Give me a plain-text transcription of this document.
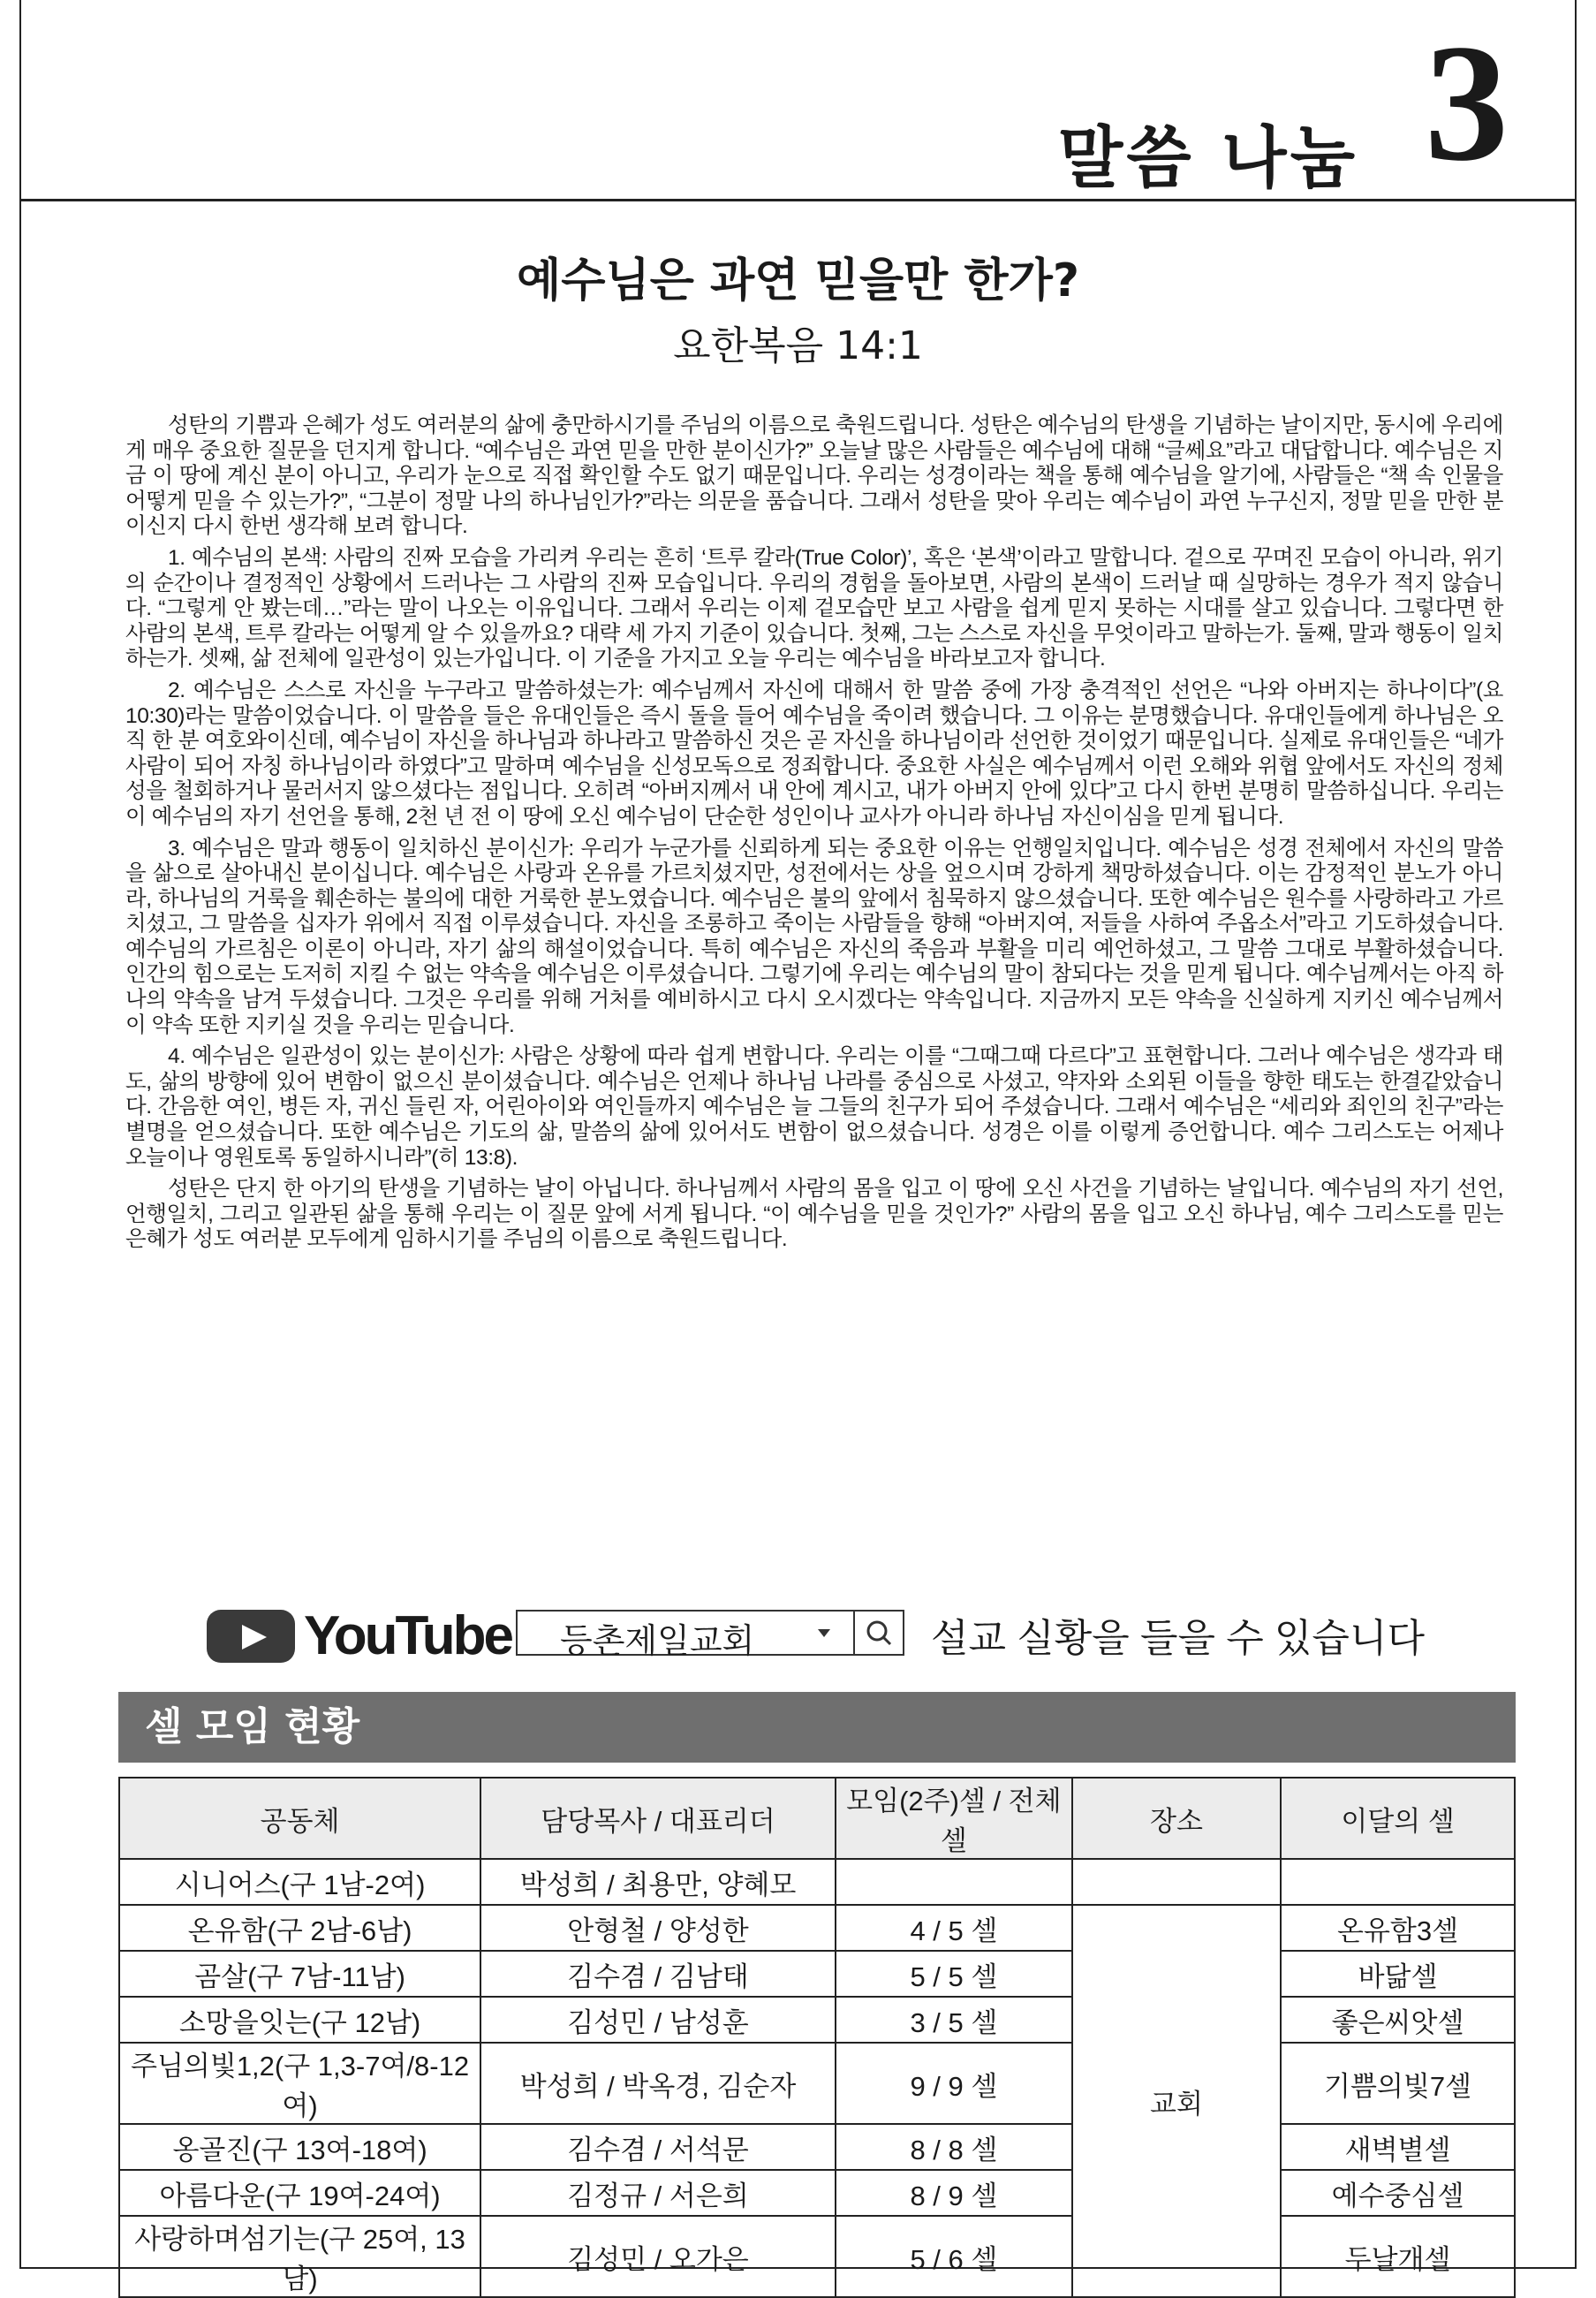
말씀 나눔 3
예수님은 과연 믿을만 한가?
요한복음 14:1

성탄의 기쁨과 은혜가 성도 여러분의 삶에 충만하시기를 주님의 이름으로 축원드립니다. 성탄은 예수님의 탄생을 기념하는 날이지만, 동시에 우리에게 매우 중요한 질문을 던지게 합니다. “예수님은 과연 믿을 만한 분이신가?” 오늘날 많은 사람들은 예수님에 대해 “글쎄요”라고 대답합니다. 예수님은 지금 이 땅에 계신 분이 아니고, 우리가 눈으로 직접 확인할 수도 없기 때문입니다. 우리는 성경이라는 책을 통해 예수님을 알기에, 사람들은 “책 속 인물을 어떻게 믿을 수 있는가?”, “그분이 정말 나의 하나님인가?”라는 의문을 품습니다. 그래서 성탄을 맞아 우리는 예수님이 과연 누구신지, 정말 믿을 만한 분이신지 다시 한번 생각해 보려 합니다.

1. 예수님의 본색: 사람의 진짜 모습을 가리켜 우리는 흔히 ‘트루 칼라(True Color)’, 혹은 ‘본색’이라고 말합니다. 겉으로 꾸며진 모습이 아니라, 위기의 순간이나 결정적인 상황에서 드러나는 그 사람의 진짜 모습입니다. 우리의 경험을 돌아보면, 사람의 본색이 드러날 때 실망하는 경우가 적지 않습니다. “그렇게 안 봤는데…”라는 말이 나오는 이유입니다. 그래서 우리는 이제 겉모습만 보고 사람을 쉽게 믿지 못하는 시대를 살고 있습니다. 그렇다면 한 사람의 본색, 트루 칼라는 어떻게 알 수 있을까요? 대략 세 가지 기준이 있습니다. 첫째, 그는 스스로 자신을 무엇이라고 말하는가. 둘째, 말과 행동이 일치하는가. 셋째, 삶 전체에 일관성이 있는가입니다. 이 기준을 가지고 오늘 우리는 예수님을 바라보고자 합니다.

2. 예수님은 스스로 자신을 누구라고 말씀하셨는가: 예수님께서 자신에 대해서 한 말씀 중에 가장 충격적인 선언은 “나와 아버지는 하나이다”(요 10:30)라는 말씀이었습니다. 이 말씀을 들은 유대인들은 즉시 돌을 들어 예수님을 죽이려 했습니다. 그 이유는 분명했습니다. 유대인들에게 하나님은 오직 한 분 여호와이신데, 예수님이 자신을 하나님과 하나라고 말씀하신 것은 곧 자신을 하나님이라 선언한 것이었기 때문입니다. 실제로 유대인들은 “네가 사람이 되어 자칭 하나님이라 하였다”고 말하며 예수님을 신성모독으로 정죄합니다. 중요한 사실은 예수님께서 이런 오해와 위협 앞에서도 자신의 정체성을 철회하거나 물러서지 않으셨다는 점입니다. 오히려 “아버지께서 내 안에 계시고, 내가 아버지 안에 있다”고 다시 한번 분명히 말씀하십니다. 우리는 이 예수님의 자기 선언을 통해, 2천 년 전 이 땅에 오신 예수님이 단순한 성인이나 교사가 아니라 하나님 자신이심을 믿게 됩니다.

3. 예수님은 말과 행동이 일치하신 분이신가: 우리가 누군가를 신뢰하게 되는 중요한 이유는 언행일치입니다. 예수님은 성경 전체에서 자신의 말씀을 삶으로 살아내신 분이십니다. 예수님은 사랑과 온유를 가르치셨지만, 성전에서는 상을 엎으시며 강하게 책망하셨습니다. 이는 감정적인 분노가 아니라, 하나님의 거룩을 훼손하는 불의에 대한 거룩한 분노였습니다. 예수님은 불의 앞에서 침묵하지 않으셨습니다. 또한 예수님은 원수를 사랑하라고 가르치셨고, 그 말씀을 십자가 위에서 직접 이루셨습니다. 자신을 조롱하고 죽이는 사람들을 향해 “아버지여, 저들을 사하여 주옵소서”라고 기도하셨습니다. 예수님의 가르침은 이론이 아니라, 자기 삶의 해설이었습니다. 특히 예수님은 자신의 죽음과 부활을 미리 예언하셨고, 그 말씀 그대로 부활하셨습니다. 인간의 힘으로는 도저히 지킬 수 없는 약속을 예수님은 이루셨습니다. 그렇기에 우리는 예수님의 말이 참되다는 것을 믿게 됩니다. 예수님께서는 아직 하나의 약속을 남겨 두셨습니다. 그것은 우리를 위해 거처를 예비하시고 다시 오시겠다는 약속입니다. 지금까지 모든 약속을 신실하게 지키신 예수님께서 이 약속 또한 지키실 것을 우리는 믿습니다.

4. 예수님은 일관성이 있는 분이신가: 사람은 상황에 따라 쉽게 변합니다. 우리는 이를 “그때그때 다르다”고 표현합니다. 그러나 예수님은 생각과 태도, 삶의 방향에 있어 변함이 없으신 분이셨습니다. 예수님은 언제나 하나님 나라를 중심으로 사셨고, 약자와 소외된 이들을 향한 태도는 한결같았습니다. 간음한 여인, 병든 자, 귀신 들린 자, 어린아이와 여인들까지 예수님은 늘 그들의 친구가 되어 주셨습니다. 그래서 예수님은 “세리와 죄인의 친구”라는 별명을 얻으셨습니다. 또한 예수님은 기도의 삶, 말씀의 삶에 있어서도 변함이 없으셨습니다. 성경은 이를 이렇게 증언합니다. 예수 그리스도는 어제나 오늘이나 영원토록 동일하시니라”(히 13:8).

성탄은 단지 한 아기의 탄생을 기념하는 날이 아닙니다. 하나님께서 사람의 몸을 입고 이 땅에 오신 사건을 기념하는 날입니다. 예수님의 자기 선언, 언행일치, 그리고 일관된 삶을 통해 우리는 이 질문 앞에 서게 됩니다. “이 예수님을 믿을 것인가?” 사람의 몸을 입고 오신 하나님, 예수 그리스도를 믿는 은혜가 성도 여러분 모두에게 임하시기를 주님의 이름으로 축원드립니다.

YouTube 등촌제일교회	설교 실황을 들을 수 있습니다
셀 모임 현황
공동체	담당목사 / 대표리더	모임(2주)셀 / 전체셀	장소	이달의 셀
시니어스(구 1남-2여)	박성희 / 최용만, 양혜모			
온유함(구 2남-6남)	안형철 / 양성한	4 / 5 셀	교회	온유함3셀
곰살(구 7남-11남)	김수겸 / 김남태	5 / 5 셀		바닮셀
소망을잇는(구 12남)	김성민 / 남성훈	3 / 5 셀		좋은씨앗셀
주님의빛1,2(구 1,3-7여/8-12여)	박성희 / 박옥경, 김순자	9 / 9 셀		기쁨의빛7셀
옹골진(구 13여-18여)	김수겸 / 서석문	8 / 8 셀		새벽별셀
아름다운(구 19여-24여)	김정규 / 서은희	8 / 9 셀		예수중심셀
사랑하며섬기는(구 25여, 13남)	김성민 / 오가은	5 / 6 셀		두날개셀
